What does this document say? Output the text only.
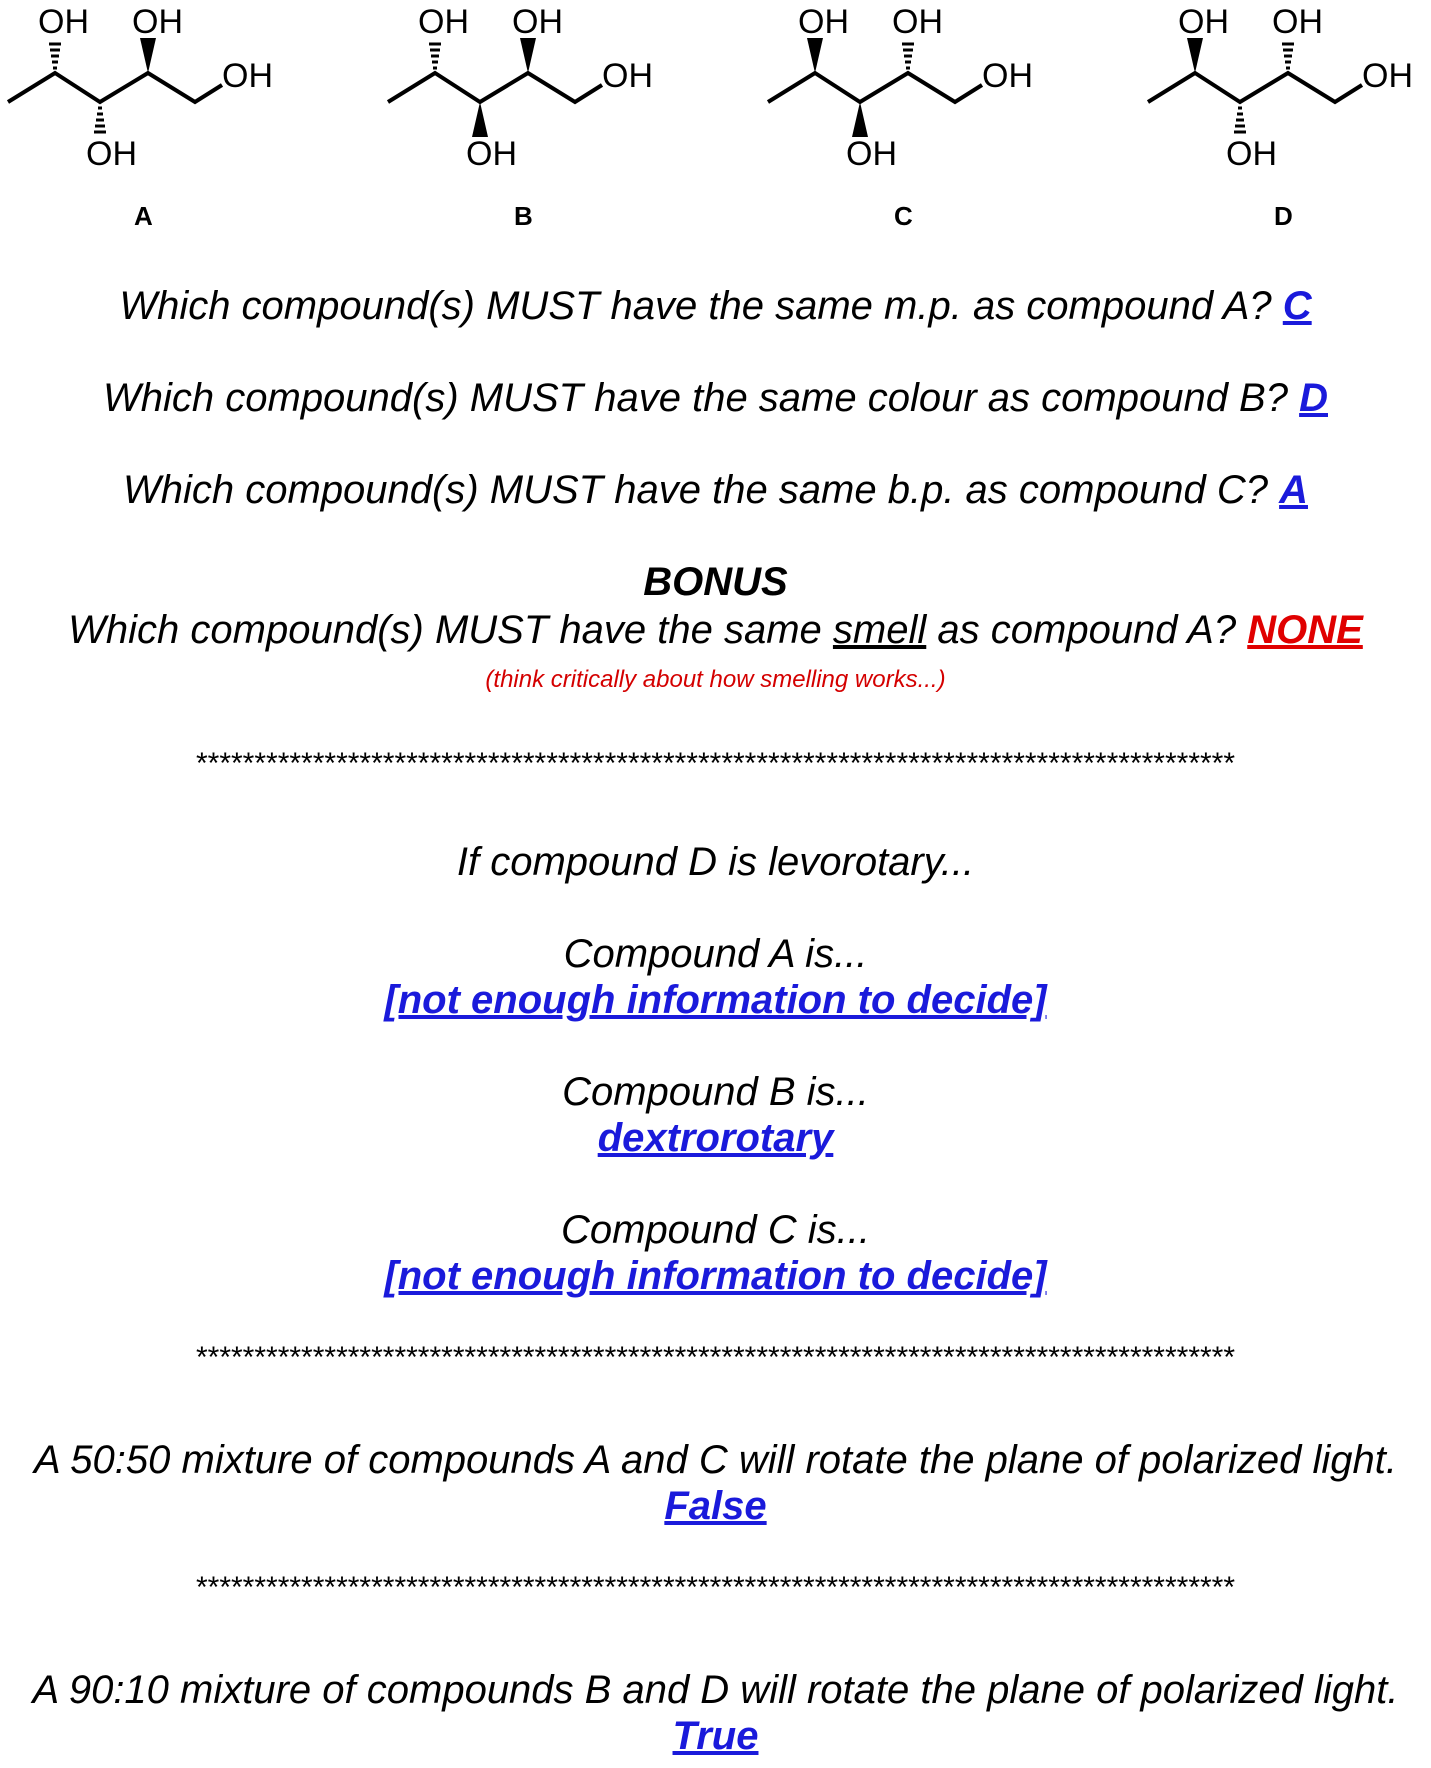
OH OH
OH
OH
A
OH OH
OH
OH
B
OH OH
OH
OH
C
OH OH
OH
OH
D
Which compound(s) MUST have the same m.p. as compound A? C
Which compound(s) MUST have the same colour as compound B? D
Which compound(s) MUST have the same b.p. as compound C? A
BONUS
Which compound(s) MUST have the same smell as compound A? NONE
(think critically about how smelling works...)
*****************************************************************************************
If compound D is levorotary...
Compound A is...
[not enough information to decide]
Compound B is...
dextrorotary
Compound C is...
[not enough information to decide]
*****************************************************************************************
A 50:50 mixture of compounds A and C will rotate the plane of polarized light.
False
*****************************************************************************************
A 90:10 mixture of compounds B and D will rotate the plane of polarized light.
True
